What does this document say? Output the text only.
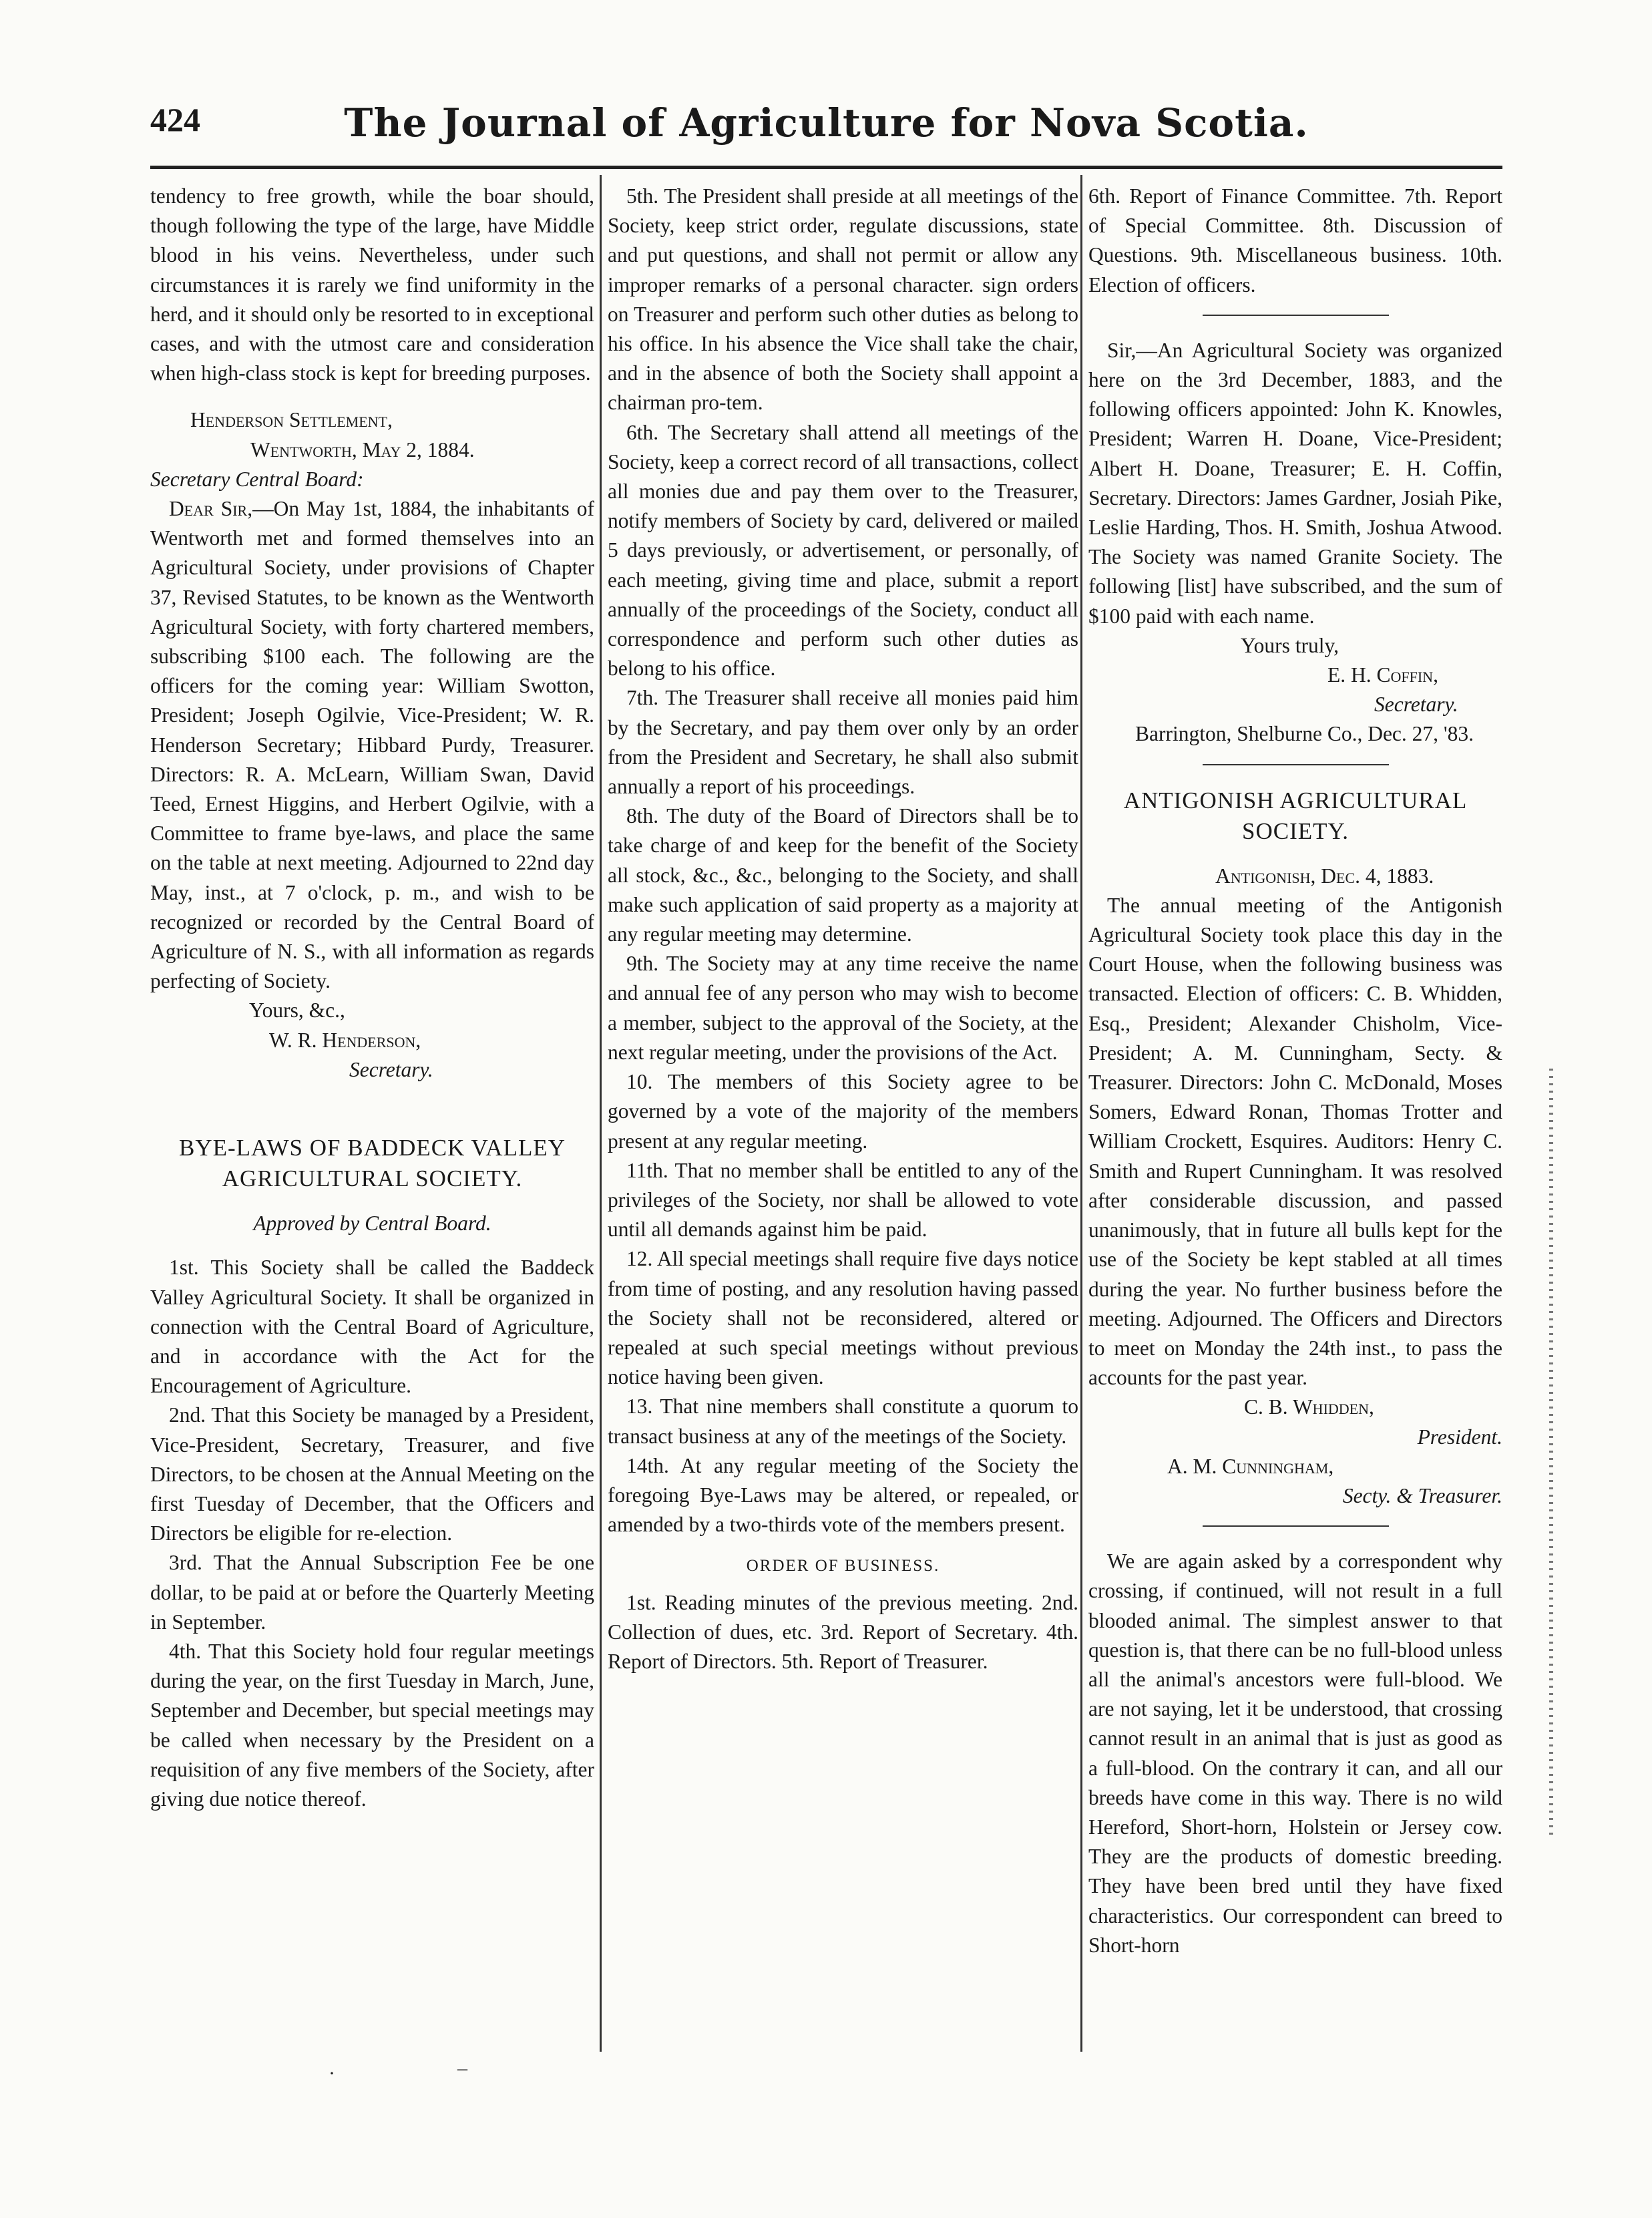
424	The Journal of Agriculture for Nova Scotia.

tendency to free growth, while the boar should, though following the type of the large, have Middle blood in his veins. Nevertheless, under such circumstances it is rarely we find uniformity in the herd, and it should only be resorted to in exceptional cases, and with the utmost care and consideration when high-class stock is kept for breeding purposes.

Henderson Settlement,

Wentworth, May 2, 1884.

Secretary Central Board:

Dear Sir,—On May 1st, 1884, the inhabitants of Wentworth met and formed themselves into an Agricultural Society, under provisions of Chapter 37, Revised Statutes, to be known as the Wentworth Agricultural Society, with forty chartered members, subscribing $100 each. The following are the officers for the coming year: William Swotton, President; Joseph Ogilvie, Vice-President; W. R. Henderson Secretary; Hibbard Purdy, Treasurer. Directors: R. A. McLearn, William Swan, David Teed, Ernest Higgins, and Herbert Ogilvie, with a Committee to frame bye-laws, and place the same on the table at next meeting. Adjourned to 22nd day May, inst., at 7 o'clock, p. m., and wish to be recognized or recorded by the Central Board of Agriculture of N. S., with all information as regards perfecting of Society.

Yours, &c.,

W. R. Henderson,

Secretary.

BYE-LAWS OF BADDECK VALLEY AGRICULTURAL SOCIETY.

Approved by Central Board.

1st. This Society shall be called the Baddeck Valley Agricultural Society. It shall be organized in connection with the Central Board of Agriculture, and in accordance with the Act for the Encouragement of Agriculture.

2nd. That this Society be managed by a President, Vice-President, Secretary, Treasurer, and five Directors, to be chosen at the Annual Meeting on the first Tuesday of December, that the Officers and Directors be eligible for re-election.

3rd. That the Annual Subscription Fee be one dollar, to be paid at or before the Quarterly Meeting in September.

4th. That this Society hold four regular meetings during the year, on the first Tuesday in March, June, September and December, but special meetings may be called when necessary by the President on a requisition of any five members of the Society, after giving due notice thereof.

5th. The President shall preside at all meetings of the Society, keep strict order, regulate discussions, state and put questions, and shall not permit or allow any improper remarks of a personal character. sign orders on Treasurer and perform such other duties as belong to his office. In his absence the Vice shall take the chair, and in the absence of both the Society shall appoint a chairman pro-tem.

6th. The Secretary shall attend all meetings of the Society, keep a correct record of all transactions, collect all monies due and pay them over to the Treasurer, notify members of Society by card, delivered or mailed 5 days previously, or advertisement, or personally, of each meeting, giving time and place, submit a report annually of the proceedings of the Society, conduct all correspondence and perform such other duties as belong to his office.

7th. The Treasurer shall receive all monies paid him by the Secretary, and pay them over only by an order from the President and Secretary, he shall also submit annually a report of his proceedings.

8th. The duty of the Board of Directors shall be to take charge of and keep for the benefit of the Society all stock, &c., &c., belonging to the Society, and shall make such application of said property as a majority at any regular meeting may determine.

9th. The Society may at any time receive the name and annual fee of any person who may wish to become a member, subject to the approval of the Society, at the next regular meeting, under the provisions of the Act.

10. The members of this Society agree to be governed by a vote of the majority of the members present at any regular meeting.

11th. That no member shall be entitled to any of the privileges of the Society, nor shall be allowed to vote until all demands against him be paid.

12. All special meetings shall require five days notice from time of posting, and any resolution having passed the Society shall not be reconsidered, altered or repealed at such special meetings without previous notice having been given.

13. That nine members shall constitute a quorum to transact business at any of the meetings of the Society.

14th. At any regular meeting of the Society the foregoing Bye-Laws may be altered, or repealed, or amended by a two-thirds vote of the members present.

ORDER OF BUSINESS.

1st. Reading minutes of the previous meeting. 2nd. Collection of dues, etc. 3rd. Report of Secretary. 4th. Report of Directors. 5th. Report of Treasurer.

6th. Report of Finance Committee. 7th. Report of Special Committee. 8th. Discussion of Questions. 9th. Miscellaneous business. 10th. Election of officers.

Sir,—An Agricultural Society was organized here on the 3rd December, 1883, and the following officers appointed: John K. Knowles, President; Warren H. Doane, Vice-President; Albert H. Doane, Treasurer; E. H. Coffin, Secretary. Directors: James Gardner, Josiah Pike, Leslie Harding, Thos. H. Smith, Joshua Atwood. The Society was named Granite Society. The following [list] have subscribed, and the sum of $100 paid with each name.

Yours truly,

E. H. Coffin,

Secretary.

Barrington, Shelburne Co., Dec. 27, '83.

ANTIGONISH AGRICULTURAL SOCIETY.

Antigonish, Dec. 4, 1883.

The annual meeting of the Antigonish Agricultural Society took place this day in the Court House, when the following business was transacted. Election of officers: C. B. Whidden, Esq., President; Alexander Chisholm, Vice-President; A. M. Cunningham, Secty. & Treasurer. Directors: John C. McDonald, Moses Somers, Edward Ronan, Thomas Trotter and William Crockett, Esquires. Auditors: Henry C. Smith and Rupert Cunningham. It was resolved after considerable discussion, and passed unanimously, that in future all bulls kept for the use of the Society be kept stabled at all times during the year. No further business before the meeting. Adjourned. The Officers and Directors to meet on Monday the 24th inst., to pass the accounts for the past year.

C. B. Whidden,

President.

A. M. Cunningham,

Secty. & Treasurer.

We are again asked by a correspondent why crossing, if continued, will not result in a full blooded animal. The simplest answer to that question is, that there can be no full-blood unless all the animal's ancestors were full-blood. We are not saying, let it be understood, that crossing cannot result in an animal that is just as good as a full-blood. On the contrary it can, and all our breeds have come in this way. There is no wild Hereford, Short-horn, Holstein or Jersey cow. They are the products of domestic breeding. They have been bred until they have fixed characteristics. Our correspondent can breed to Short-horn

·	–
